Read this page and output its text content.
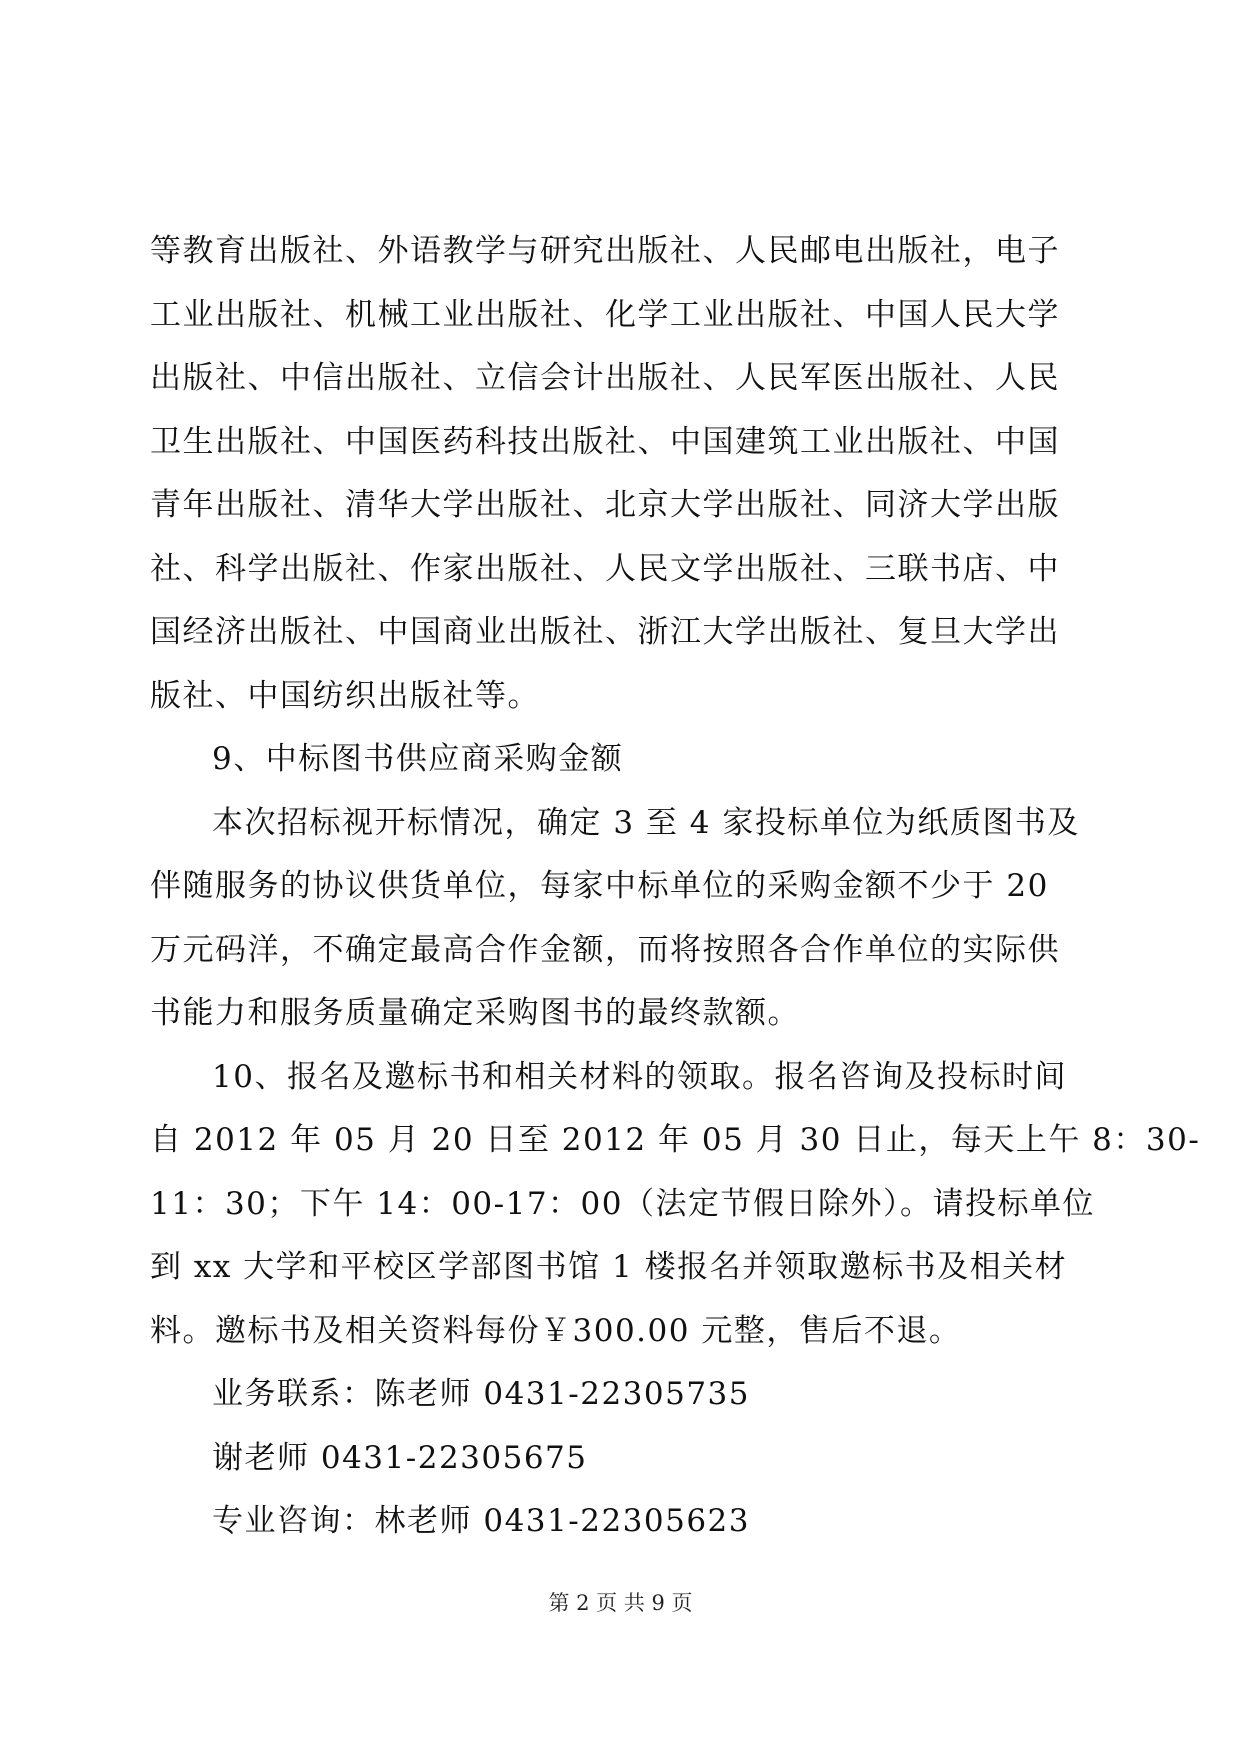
等教育出版社、外语教学与研究出版社、人民邮电出版社，电子
工业出版社、机械工业出版社、化学工业出版社、中国人民大学
出版社、中信出版社、立信会计出版社、人民军医出版社、人民
卫生出版社、中国医药科技出版社、中国建筑工业出版社、中国
青年出版社、清华大学出版社、北京大学出版社、同济大学出版
社、科学出版社、作家出版社、人民文学出版社、三联书店、中
国经济出版社、中国商业出版社、浙江大学出版社、复旦大学出
版社、中国纺织出版社等。
9、中标图书供应商采购金额
本次招标视开标情况，确定 3 至 4 家投标单位为纸质图书及
伴随服务的协议供货单位，每家中标单位的采购金额不少于 20
万元码洋，不确定最高合作金额，而将按照各合作单位的实际供
书能力和服务质量确定采购图书的最终款额。
10、报名及邀标书和相关材料的领取。报名咨询及投标时间
自 2012 年 05 月 20 日至 2012 年 05 月 30 日止，每天上午 8：30-
11：30；下午 14：00-17：00（法定节假日除外）。请投标单位
到 xx 大学和平校区学部图书馆 1 楼报名并领取邀标书及相关材
料。邀标书及相关资料每份￥300.00 元整，售后不退。
业务联系：陈老师 0431-22305735
谢老师 0431-22305675
专业咨询：林老师 0431-22305623
第 2 页 共 9 页
